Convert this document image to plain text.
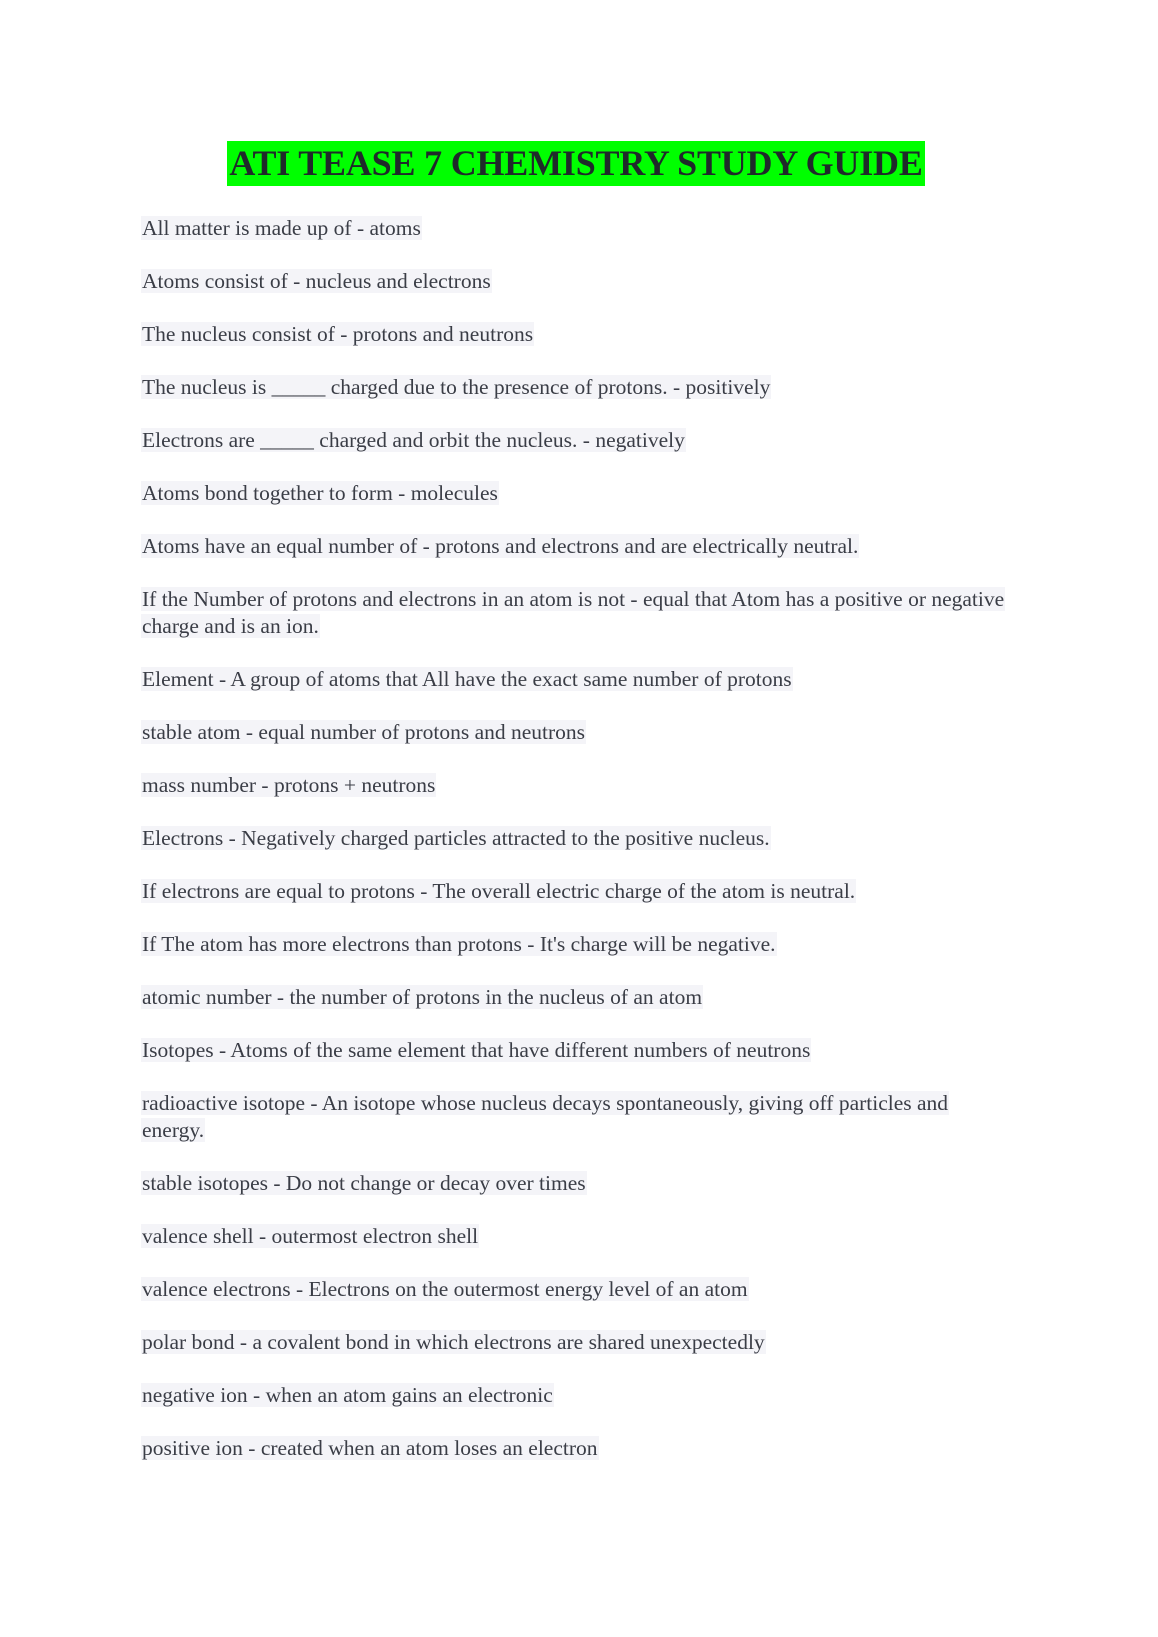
ATI TEASE 7 CHEMISTRY STUDY GUIDE

All matter is made up of - atoms

Atoms consist of - nucleus and electrons

The nucleus consist of - protons and neutrons

The nucleus is _____ charged due to the presence of protons. - positively

Electrons are _____ charged and orbit the nucleus. - negatively

Atoms bond together to form - molecules

Atoms have an equal number of - protons and electrons and are electrically neutral.

If the Number of protons and electrons in an atom is not - equal that Atom has a positive or negative charge and is an ion.

Element - A group of atoms that All have the exact same number of protons

stable atom - equal number of protons and neutrons

mass number - protons + neutrons

Electrons - Negatively charged particles attracted to the positive nucleus.

If electrons are equal to protons - The overall electric charge of the atom is neutral.

If The atom has more electrons than protons - It's charge will be negative.

atomic number - the number of protons in the nucleus of an atom

Isotopes - Atoms of the same element that have different numbers of neutrons

radioactive isotope - An isotope whose nucleus decays spontaneously, giving off particles and energy.

stable isotopes - Do not change or decay over times

valence shell - outermost electron shell

valence electrons - Electrons on the outermost energy level of an atom

polar bond - a covalent bond in which electrons are shared unexpectedly

negative ion - when an atom gains an electronic

positive ion - created when an atom loses an electron
